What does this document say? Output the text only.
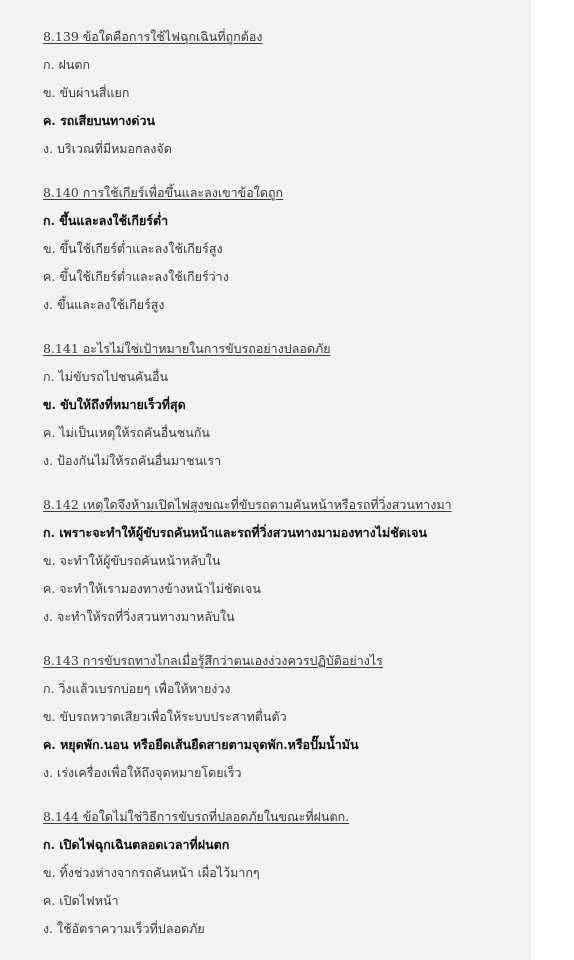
8.139 ข้อใดคือการใช้ไฟฉุกเฉินที่ถูกต้อง
ก. ฝนตก
ข. ขับผ่านสี่แยก
ค. รถเสียบนทางด่วน
ง. บริเวณที่มีหมอกลงจัด
8.140 การใช้เกียร์เพื่อขึ้นและลงเขาข้อใดถูก
ก. ขึ้นและลงใช้เกียร์ต่ำ
ข. ขึ้นใช้เกียร์ต่ำและลงใช้เกียร์สูง
ค. ขึ้นใช้เกียร์ต่ำและลงใช้เกียร์ว่าง
ง. ขึ้นและลงใช้เกียร์สูง
8.141 อะไรไม่ใช่เป้าหมายในการขับรถอย่างปลอดภัย
ก. ไม่ขับรถไปชนคันอื่น
ข. ขับให้ถึงที่หมายเร็วที่สุด
ค. ไม่เป็นเหตุให้รถคันอื่นชนกัน
ง. ป้องกันไม่ให้รถคันอื่นมาชนเรา
8.142 เหตุใดจึงห้ามเปิดไฟสูงขณะที่ขับรถตามคันหน้าหรือรถที่วิ่งสวนทางมา
ก. เพราะจะทำให้ผู้ขับรถคันหน้าและรถที่วิ่งสวนทางมามองทางไม่ชัดเจน
ข. จะทำให้ผู้ขับรถคันหน้าหลับใน
ค. จะทำให้เรามองทางข้างหน้าไม่ชัดเจน
ง. จะทำให้รถที่วิ่งสวนทางมาหลับใน
8.143 การขับรถทางไกลเมื่อรู้สึกว่าตนเองง่วงควรปฏิบัติอย่างไร
ก. วิ่งแล้วเบรกบ่อยๆ เพื่อให้หายง่วง
ข. ขับรถหวาดเสียวเพื่อให้ระบบประสาทตื่นตัว
ค. หยุดพัก.นอน หรือยืดเส้นยืดสายตามจุดพัก.หรือปั๊มน้ำมัน
ง. เร่งเครื่องเพื่อให้ถึงจุดหมายโดยเร็ว
8.144 ข้อใดไม่ใช่วิธีการขับรถที่ปลอดภัยในขณะที่ฝนตก.
ก. เปิดไฟฉุกเฉินตลอดเวลาที่ฝนตก
ข. ทิ้งช่วงห่างจากรถคันหน้า เผื่อไว้มากๆ
ค. เปิดไฟหน้า
ง. ใช้อัตราความเร็วที่ปลอดภัย
